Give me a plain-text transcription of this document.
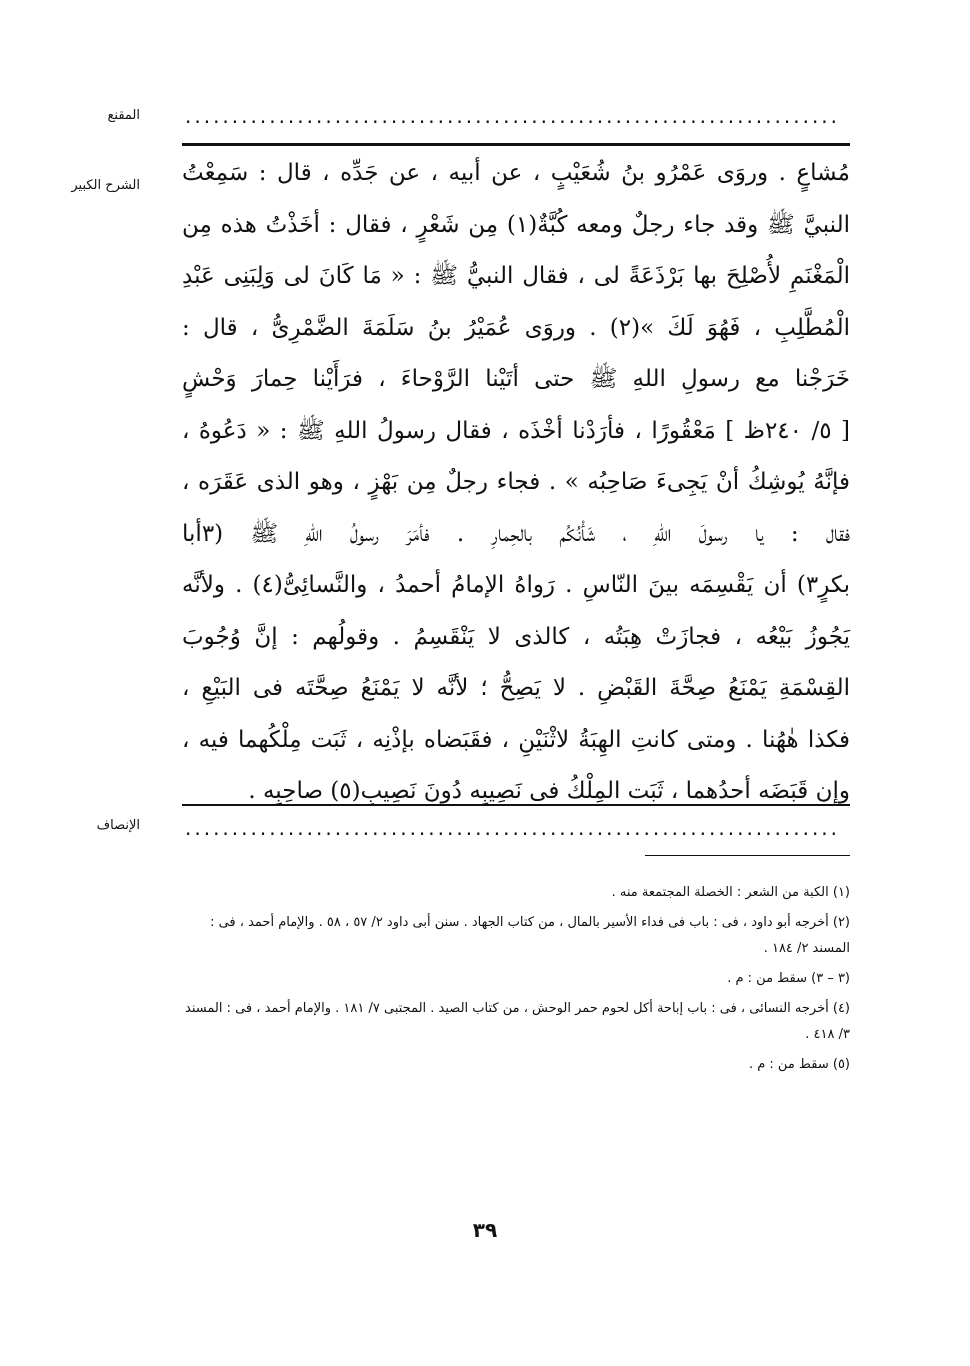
......................................................................
المقنع
الشرح الكبير مُشاعٍ . وروَى عَمْرُو بنُ شُعَيْبٍ ، عن أبيه ، عن جَدِّه ، قال : سَمِعْتُ
النبيَّ ﷺ وقد جاء رجلٌ ومعه كُبَّةٌ(١) مِن شَعْرٍ ، فقال : أخَذْتُ هذه مِن
الْمَغْنَمِ لأُصْلِحَ بها بَرْذَعَةً لى ، فقال النبيُّ ﷺ : « مَا كَانَ لى وَلِبَنِى عَبْدِ
الْمُطَّلِبِ ، فَهُوَ لَكَ »(٢) . وروَى عُمَيْرُ بنُ سَلَمَةَ الضَّمْرِىُّ ، قال :
خَرَجْنا مع رسولِ اللهِ ﷺ حتى أتَيْنا الرَّوْحاءَ ، فرَأَيْنا حِمارَ وَحْشٍ
[ ٥/ ٢٤٠ظ ] مَعْقُورًا ، فأرَدْنا أخْذَه ، فقال رسولُ اللهِ ﷺ : « دَعُوهُ ،
فإنَّهُ يُوشِكُ أنْ يَجِىءَ صَاحِبُه » . فجاء رجلٌ مِن بَهْزٍ ، وهو الذى عَقَرَه ،
فقال : يا رسولَ اللهِ ، شَأْنُكُم بالحِمارِ . فأمَرَ رسولُ اللهِ ﷺ (٣أبا
بكرٍ٣) أن يَقْسِمَه بينَ النّاسِ . رَواهُ الإمامُ أحمدُ ، والنَّسائِىُّ(٤) . ولأنَّه
يَجُوزُ بَيْعُه ، فجازَتْ هِبَتُه ، كالذى لا يَنْقَسِمُ . وقولُهم : إنَّ وُجُوبَ
القِسْمَةِ يَمْنَعُ صِحَّةَ القَبْضِ . لا يَصِحُّ ؛ لأنَّه لا يَمْنَعُ صِحَّتَه فى البَيْعِ ،
فكذا هٰهُنا . ومتى كانتِ الهِبَةُ لاثْنَيْنِ ، فقَبَضاه بإذْنِه ، ثَبَت مِلْكُهما فيه ،
وإن قَبَضَه أحدُهما ، ثَبَت المِلْكُ فى نَصِيبِه دُونَ نَصِيبِ(٥) صاحِبِه .
......................................................................
الإنصاف
(١) الكبة من الشعر : الخصلة المجتمعة منه .
(٢) أخرجه أبو داود ، فى : باب فى فداء الأسير بالمال ، من كتاب الجهاد . سنن أبى داود ٢/ ٥٧ ، ٥٨ . والإمام أحمد ، فى : المسند ٢/ ١٨٤ .
(٣ – ٣) سقط من : م .
(٤) أخرجه النسائى ، فى : باب إباحة أكل لحوم حمر الوحش ، من كتاب الصيد . المجتبى ٧/ ١٨١ . والإمام أحمد ، فى : المسند ٣/ ٤١٨ .
(٥) سقط من : م .
٣٩
